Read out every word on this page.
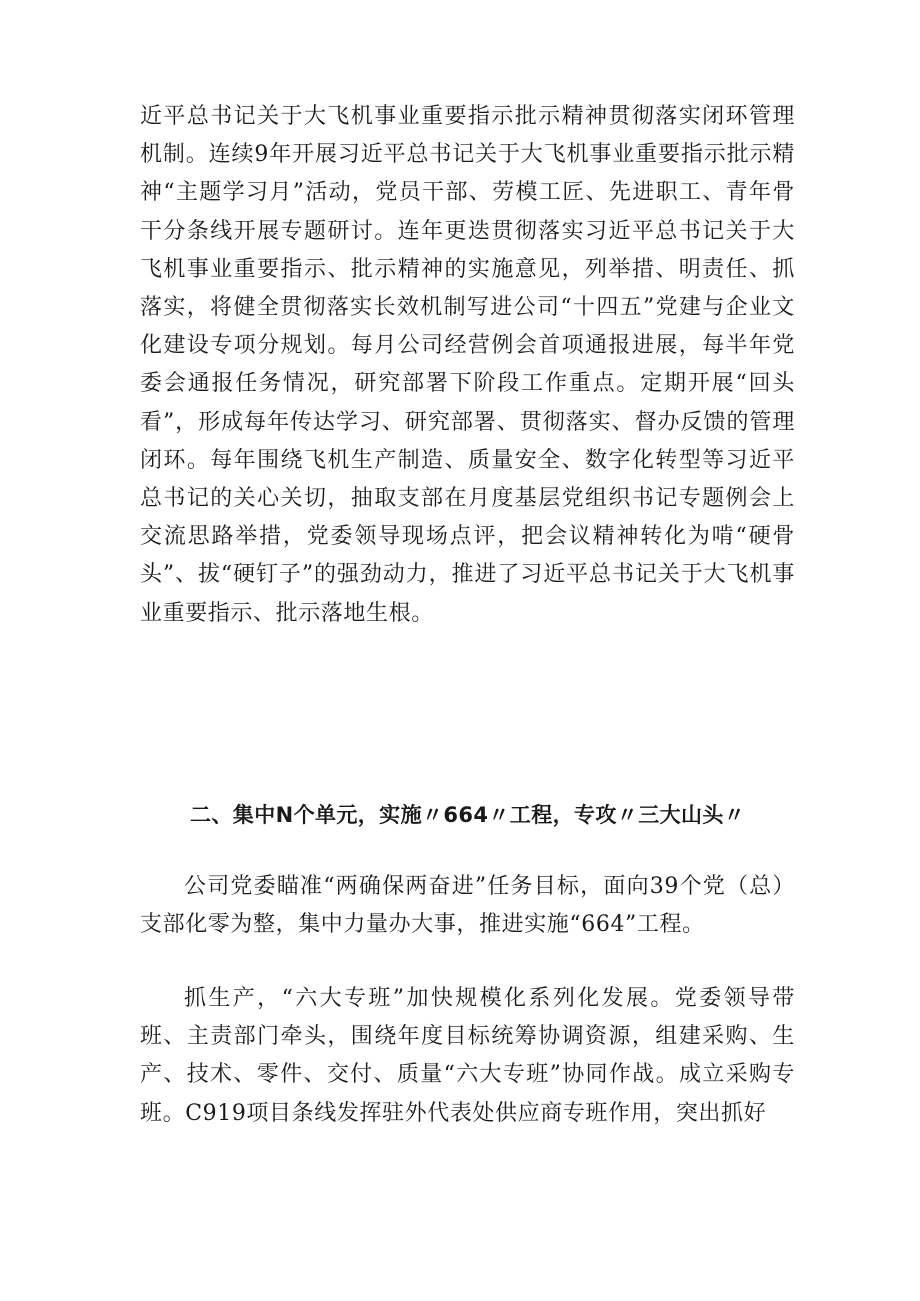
近平总书记关于大飞机事业重要指示批示精神贯彻落实闭环管理机制。连续9年开展习近平总书记关于大飞机事业重要指示批示精神“主题学习月”活动，党员干部、劳模工匠、先进职工、青年骨干分条线开展专题研讨。连年更迭贯彻落实习近平总书记关于大飞机事业重要指示、批示精神的实施意见，列举措、明责任、抓落实，将健全贯彻落实长效机制写进公司“十四五”党建与企业文化建设专项分规划。每月公司经营例会首项通报进展，每半年党委会通报任务情况，研究部署下阶段工作重点。定期开展“回头看”，形成每年传达学习、研究部署、贯彻落实、督办反馈的管理闭环。每年围绕飞机生产制造、质量安全、数字化转型等习近平总书记的关心关切，抽取支部在月度基层党组织书记专题例会上交流思路举措，党委领导现场点评，把会议精神转化为啃“硬骨头”、拔“硬钉子”的强劲动力，推进了习近平总书记关于大飞机事业重要指示、批示落地生根。

二、集中N个单元，实施〃664〃工程，专攻〃三大山头〃

公司党委瞄准“两确保两奋进”任务目标，面向39个党（总）支部化零为整，集中力量办大事，推进实施“664”工程。

抓生产，“六大专班”加快规模化系列化发展。党委领导带班、主责部门牵头，围绕年度目标统筹协调资源，组建采购、生产、技术、零件、交付、质量“六大专班”协同作战。成立采购专班。C919项目条线发挥驻外代表处供应商专班作用，突出抓好
